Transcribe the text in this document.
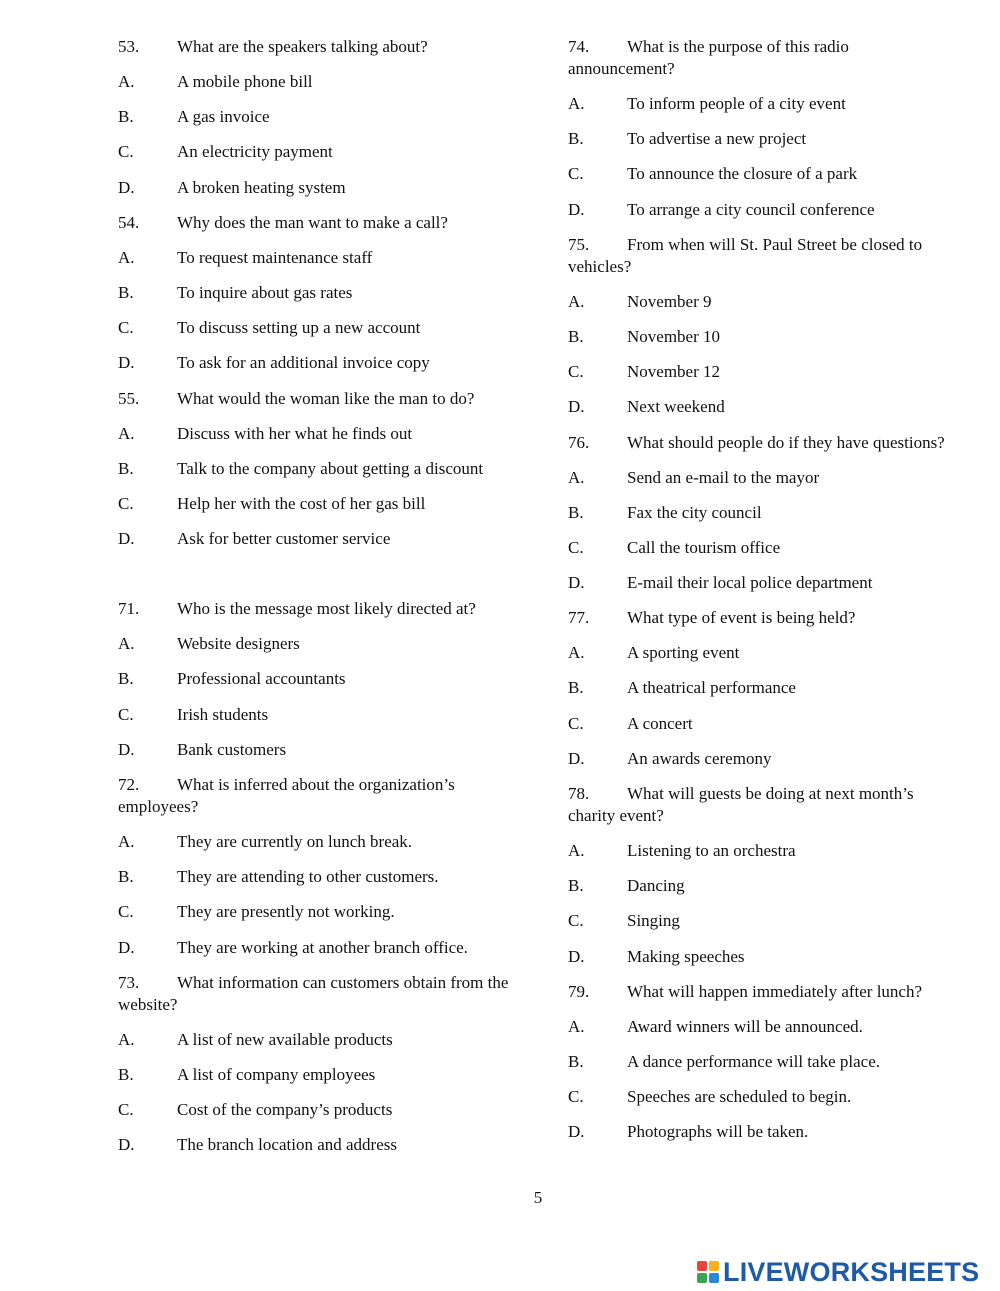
53. What are the speakers talking about?
A. A mobile phone bill
B.	A gas invoice
C.	An electricity payment
D. A broken heating system
54. Why does the man want to make a call?
A. To request maintenance staff
B.	To inquire about gas rates
C.	To discuss setting up a new account
D. To ask for an additional invoice copy
55. What would the woman like the man to do?
A. Discuss with her what he finds out
B.	Talk to the company about getting a discount
C.	Help her with the cost of her gas bill
D. Ask for better customer service
71. Who is the message most likely directed at?
A. Website designers
B.	Professional accountants
C.	Irish students
D. Bank customers
72. What is inferred about the organization’s employees?
A. They are currently on lunch break.
B.	They are attending to other customers.
C.	They are presently not working.
D. They are working at another branch office.
73. What information can customers obtain from the website?
A. A list of new available products
B.	A list of company employees
C.	Cost of the company’s products
D. The branch location and address
74. What is the purpose of this radio announcement?
A. To inform people of a city event
B.	To advertise a new project
C.	To announce the closure of a park
D. To arrange a city council conference
75. From when will St. Paul Street be closed to vehicles?
A. November 9
B.	November 10
C.	November 12
D. Next weekend
76. What should people do if they have questions?
A. Send an e-mail to the mayor
B.	Fax the city council
C.	Call the tourism office
D. E-mail their local police department
77. What type of event is being held?
A. A sporting event
B.	A theatrical performance
C.	A concert
D. An awards ceremony
78. What will guests be doing at next month’s charity event?
A. Listening to an orchestra
B.	Dancing
C.	Singing
D. Making speeches
79. What will happen immediately after lunch?
A. Award winners will be announced.
B.	A dance performance will take place.
C.	Speeches are scheduled to begin.
D. Photographs will be taken.
5
LIVEWORKSHEETS
